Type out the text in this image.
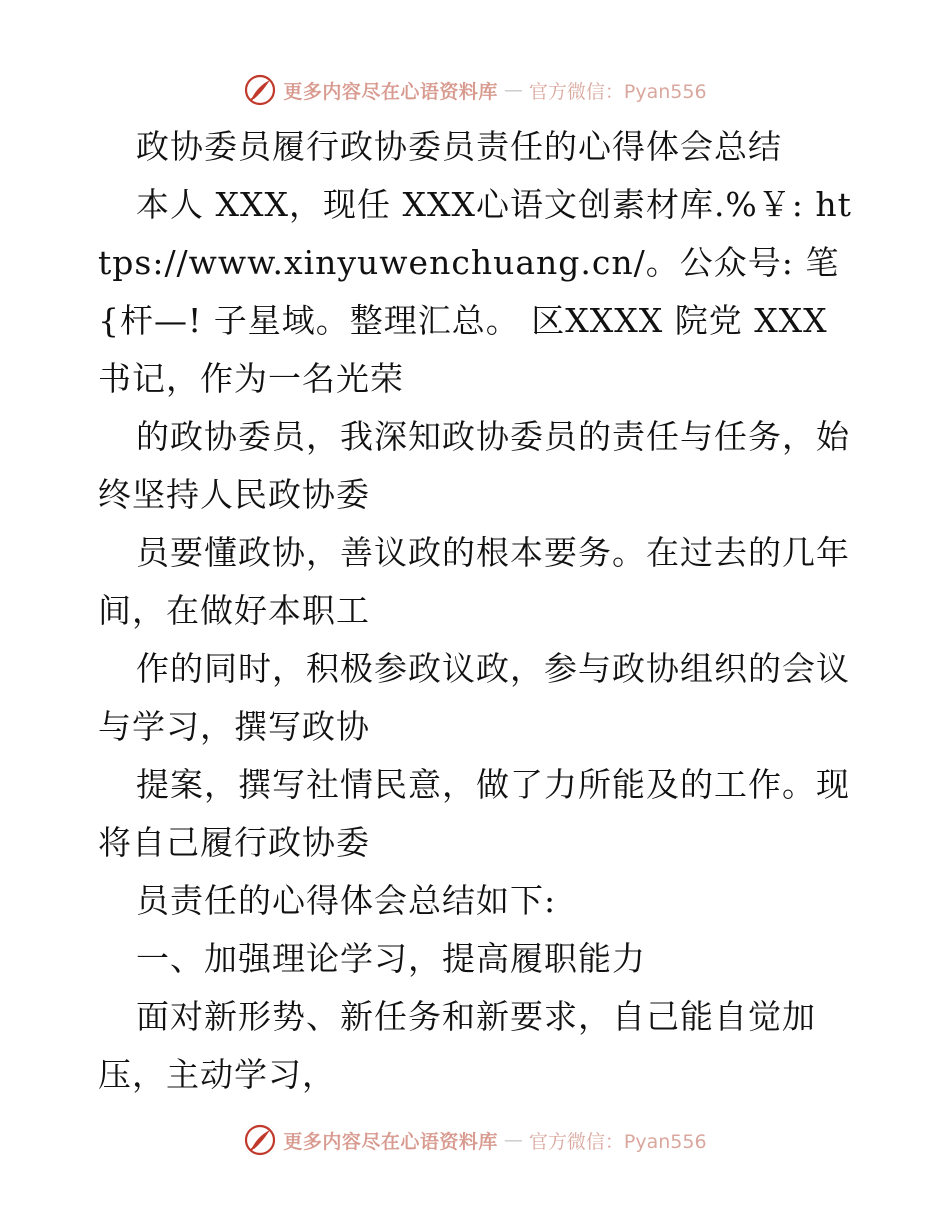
更多内容尽在心语资料库 — 官方微信：Pyan556

政协委员履行政协委员责任的心得体会总结

本人 XXX，现任 XXX心语文创素材库.%￥: https://www.xinyuwenchuang.cn/。公众号: 笔{杆—! 子星域。整理汇总。 区XXXX 院党 XXX 书记，作为一名光荣

的政协委员，我深知政协委员的责任与任务，始终坚持人民政协委

员要懂政协，善议政的根本要务。在过去的几年间，在做好本职工

作的同时，积极参政议政，参与政协组织的会议与学习，撰写政协

提案，撰写社情民意，做了力所能及的工作。现将自己履行政协委

员责任的心得体会总结如下:

一、加强理论学习，提高履职能力

面对新形势、新任务和新要求，自己能自觉加压，主动学习，

更多内容尽在心语资料库 — 官方微信：Pyan556
